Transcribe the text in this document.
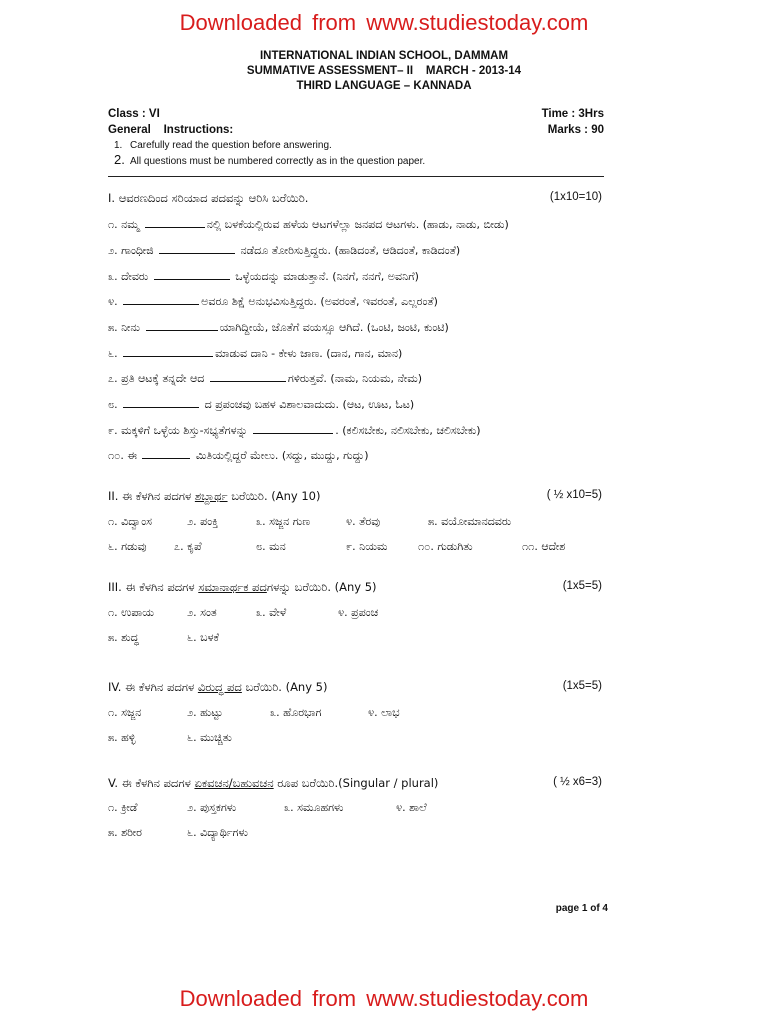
Downloaded from www.studiestoday.com
INTERNATIONAL INDIAN SCHOOL, DAMMAM
SUMMATIVE ASSESSMENT– II    MARCH - 2013-14
THIRD LANGUAGE – KANNADA
Class : VI
General    Instructions:
Time : 3Hrs
Marks : 90
1. Carefully read the question before answering.
2. All questions must be numbered correctly as in the question paper.
I. ಆವರಣದಿಂದ ಸರಿಯಾದ ಪದವನ್ನು ಆರಿಸಿ ಬರೆಯಿರಿ.	(1x10=10)
೧. ನಮ್ಮ	ನಲ್ಲಿ ಬಳಕೆಯಲ್ಲಿರುವ ಹಳೆಯ ಆಟಗಳೆಲ್ಲಾ ಜನಪದ ಆಟಗಳು. (ಹಾಡು, ನಾಡು, ಬೀಡು)
೨. ಗಾಂಧೀಜಿ	ನಡೆದೂ ತೋರಿಸುತ್ತಿದ್ದರು. (ಹಾಡಿದಂತೆ, ಆಡಿದಂತೆ, ಕಾಡಿದಂತೆ)
೩. ದೇವರು	ಒಳ್ಳೆಯದನ್ನು ಮಾಡುತ್ತಾನೆ. (ನಿನಗೆ, ನನಗೆ, ಅವನಿಗೆ)
೪.	ಅವರೂ ಶಿಕ್ಷೆ ಅನುಭವಿಸುತ್ತಿದ್ದರು. (ಅವರಂತೆ, ಇವರಂತೆ, ಎಲ್ಲರಂತೆ)
೫. ನೀನು	ಯಾಗಿದ್ದೀಯೆ, ಜೊತೆಗೆ ವಯಸ್ಸೂ ಆಗಿದೆ. (ಒಂಟಿ, ಜಂಟಿ, ಕುಂಟಿ)
೬.	ಮಾಡುವ ದಾನಿ - ಕೇಳು ಜಾಣ. (ದಾನ, ಗಾನ, ಮಾನ)
೭. ಪ್ರತಿ ಆಟಕ್ಕೆ ತನ್ನದೇ ಆದ	ಗಳಿರುತ್ತವೆ. (ನಾಮ, ನಿಯಮ, ನೇಮ)
೮.	ದ ಪ್ರಪಂಚವು ಬಹಳ ವಿಶಾಲವಾದುದು. (ಆಟ, ಊಟ, ಓಟ)
೯. ಮಕ್ಕಳಿಗೆ ಒಳ್ಳೆಯ ಶಿಸ್ತು-ಸಭ್ಯತೆಗಳನ್ನು	. (ಕಲಿಸಬೇಕು, ನಲಿಸಬೇಕು, ಚಲಿಸಬೇಕು)
೧೦. ಈ	ಮಿತಿಯಲ್ಲಿದ್ದರೆ ಮೇಲು. (ಸದ್ದು, ಮುದ್ದು, ಗುದ್ದು)
II. ಈ ಕೆಳಗಿನ ಪದಗಳ ಶಬ್ದಾರ್ಥ ಬರೆಯಿರಿ. (Any 10)	( ½ x10=5)
೧. ವಿದ್ವಾಂಸ	೨. ಪಂಕ್ತಿ	೩. ಸಜ್ಜನ ಗುಣ	೪. ತೆರವು	೫. ವಯೋಮಾನದವರು
೬. ಗಡುವು ೭. ಕೃಪೆ	೮. ಮನ	೯. ನಿಯಮ	೧೦. ಗುಡುಗಿತು	೧೧. ಆದೇಶ
III. ಈ ಕೆಳಗಿನ ಪದಗಳ ಸಮಾನಾರ್ಥಕ ಪದಗಳನ್ನು ಬರೆಯಿರಿ. (Any 5)	(1x5=5)
೧. ಉಪಾಯ	೨. ಸಂತ	೩. ವೇಳೆ	೪. ಪ್ರಪಂಚ
೫. ಶುದ್ಧ	೬. ಬಳಕೆ
IV. ಈ ಕೆಳಗಿನ ಪದಗಳ ವಿರುದ್ಧ ಪದ ಬರೆಯಿರಿ. (Any 5)	(1x5=5)
೧. ಸಜ್ಜನ	೨. ಹುಟ್ಟು	೩. ಹೊರಭಾಗ	೪. ಲಾಭ
೫. ಹಳ್ಳಿ	೬. ಮುಚ್ಚಿತು
V. ಈ ಕೆಳಗಿನ ಪದಗಳ ಏಕವಚನ/ಬಹುವಚನ ರೂಪ ಬರೆಯಿರಿ.(Singular / plural)	( ½ x6=3)
೧. ಕ್ರೀಡೆ	೨. ಪುಸ್ತಕಗಳು	೩. ಸಮೂಹಗಳು	೪. ಶಾಲೆ
೫. ಶರೀರ	೬. ವಿದ್ಯಾರ್ಥಿಗಳು
page 1 of 4
Downloaded from www.studiestoday.com
